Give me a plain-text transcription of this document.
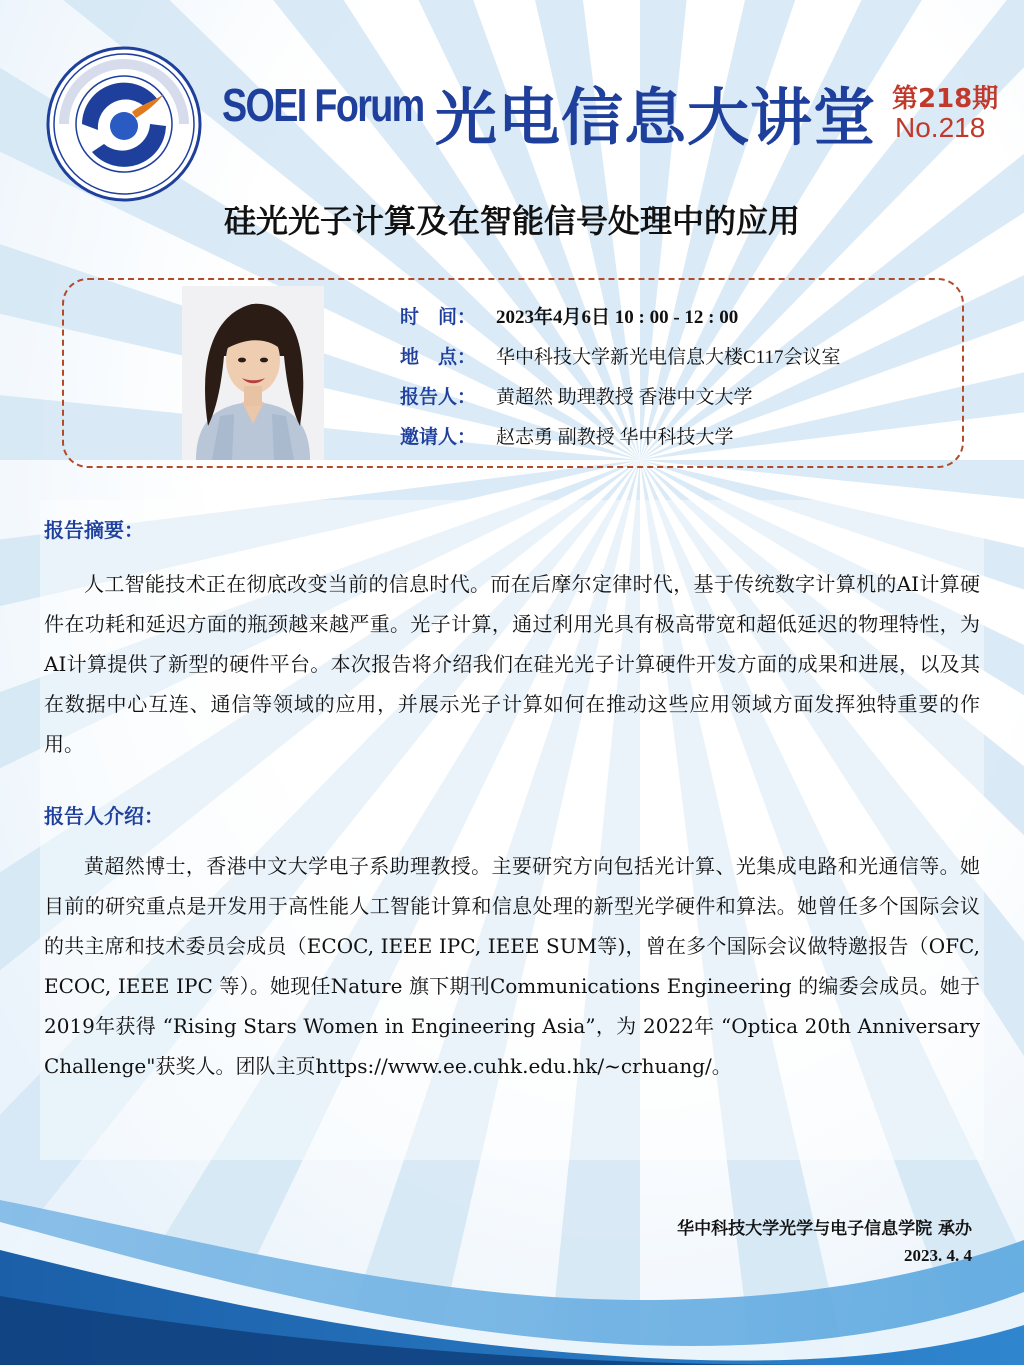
SOEI Forum 光电信息大讲堂 第218期
No.218
硅光光子计算及在智能信号处理中的应用
时　间： 2023年4月6日 10 : 00 - 12 : 00
地　点： 华中科技大学新光电信息大楼C117会议室
报告人： 黄超然 助理教授 香港中文大学
邀请人： 赵志勇 副教授 华中科技大学
报告摘要：
人工智能技术正在彻底改变当前的信息时代。而在后摩尔定律时代，基于传统数字计算机的AI计算硬件在功耗和延迟方面的瓶颈越来越严重。光子计算，通过利用光具有极高带宽和超低延迟的物理特性，为AI计算提供了新型的硬件平台。本次报告将介绍我们在硅光光子计算硬件开发方面的成果和进展，以及其在数据中心互连、通信等领域的应用，并展示光子计算如何在推动这些应用领域方面发挥独特重要的作用。
报告人介绍：
黄超然博士，香港中文大学电子系助理教授。主要研究方向包括光计算、光集成电路和光通信等。她目前的研究重点是开发用于高性能人工智能计算和信息处理的新型光学硬件和算法。她曾任多个国际会议的共主席和技术委员会成员（ECOC, IEEE IPC, IEEE SUM等)，曾在多个国际会议做特邀报告（OFC, ECOC, IEEE IPC 等）。她现任Nature 旗下期刊Communications Engineering 的编委会成员。她于2019年获得 “Rising Stars Women in Engineering Asia”，为 2022年 “Optica 20th Anniversary Challenge"获奖人。团队主页https://www.ee.cuhk.edu.hk/~crhuang/。
华中科技大学光学与电子信息学院 承办
2023. 4. 4
